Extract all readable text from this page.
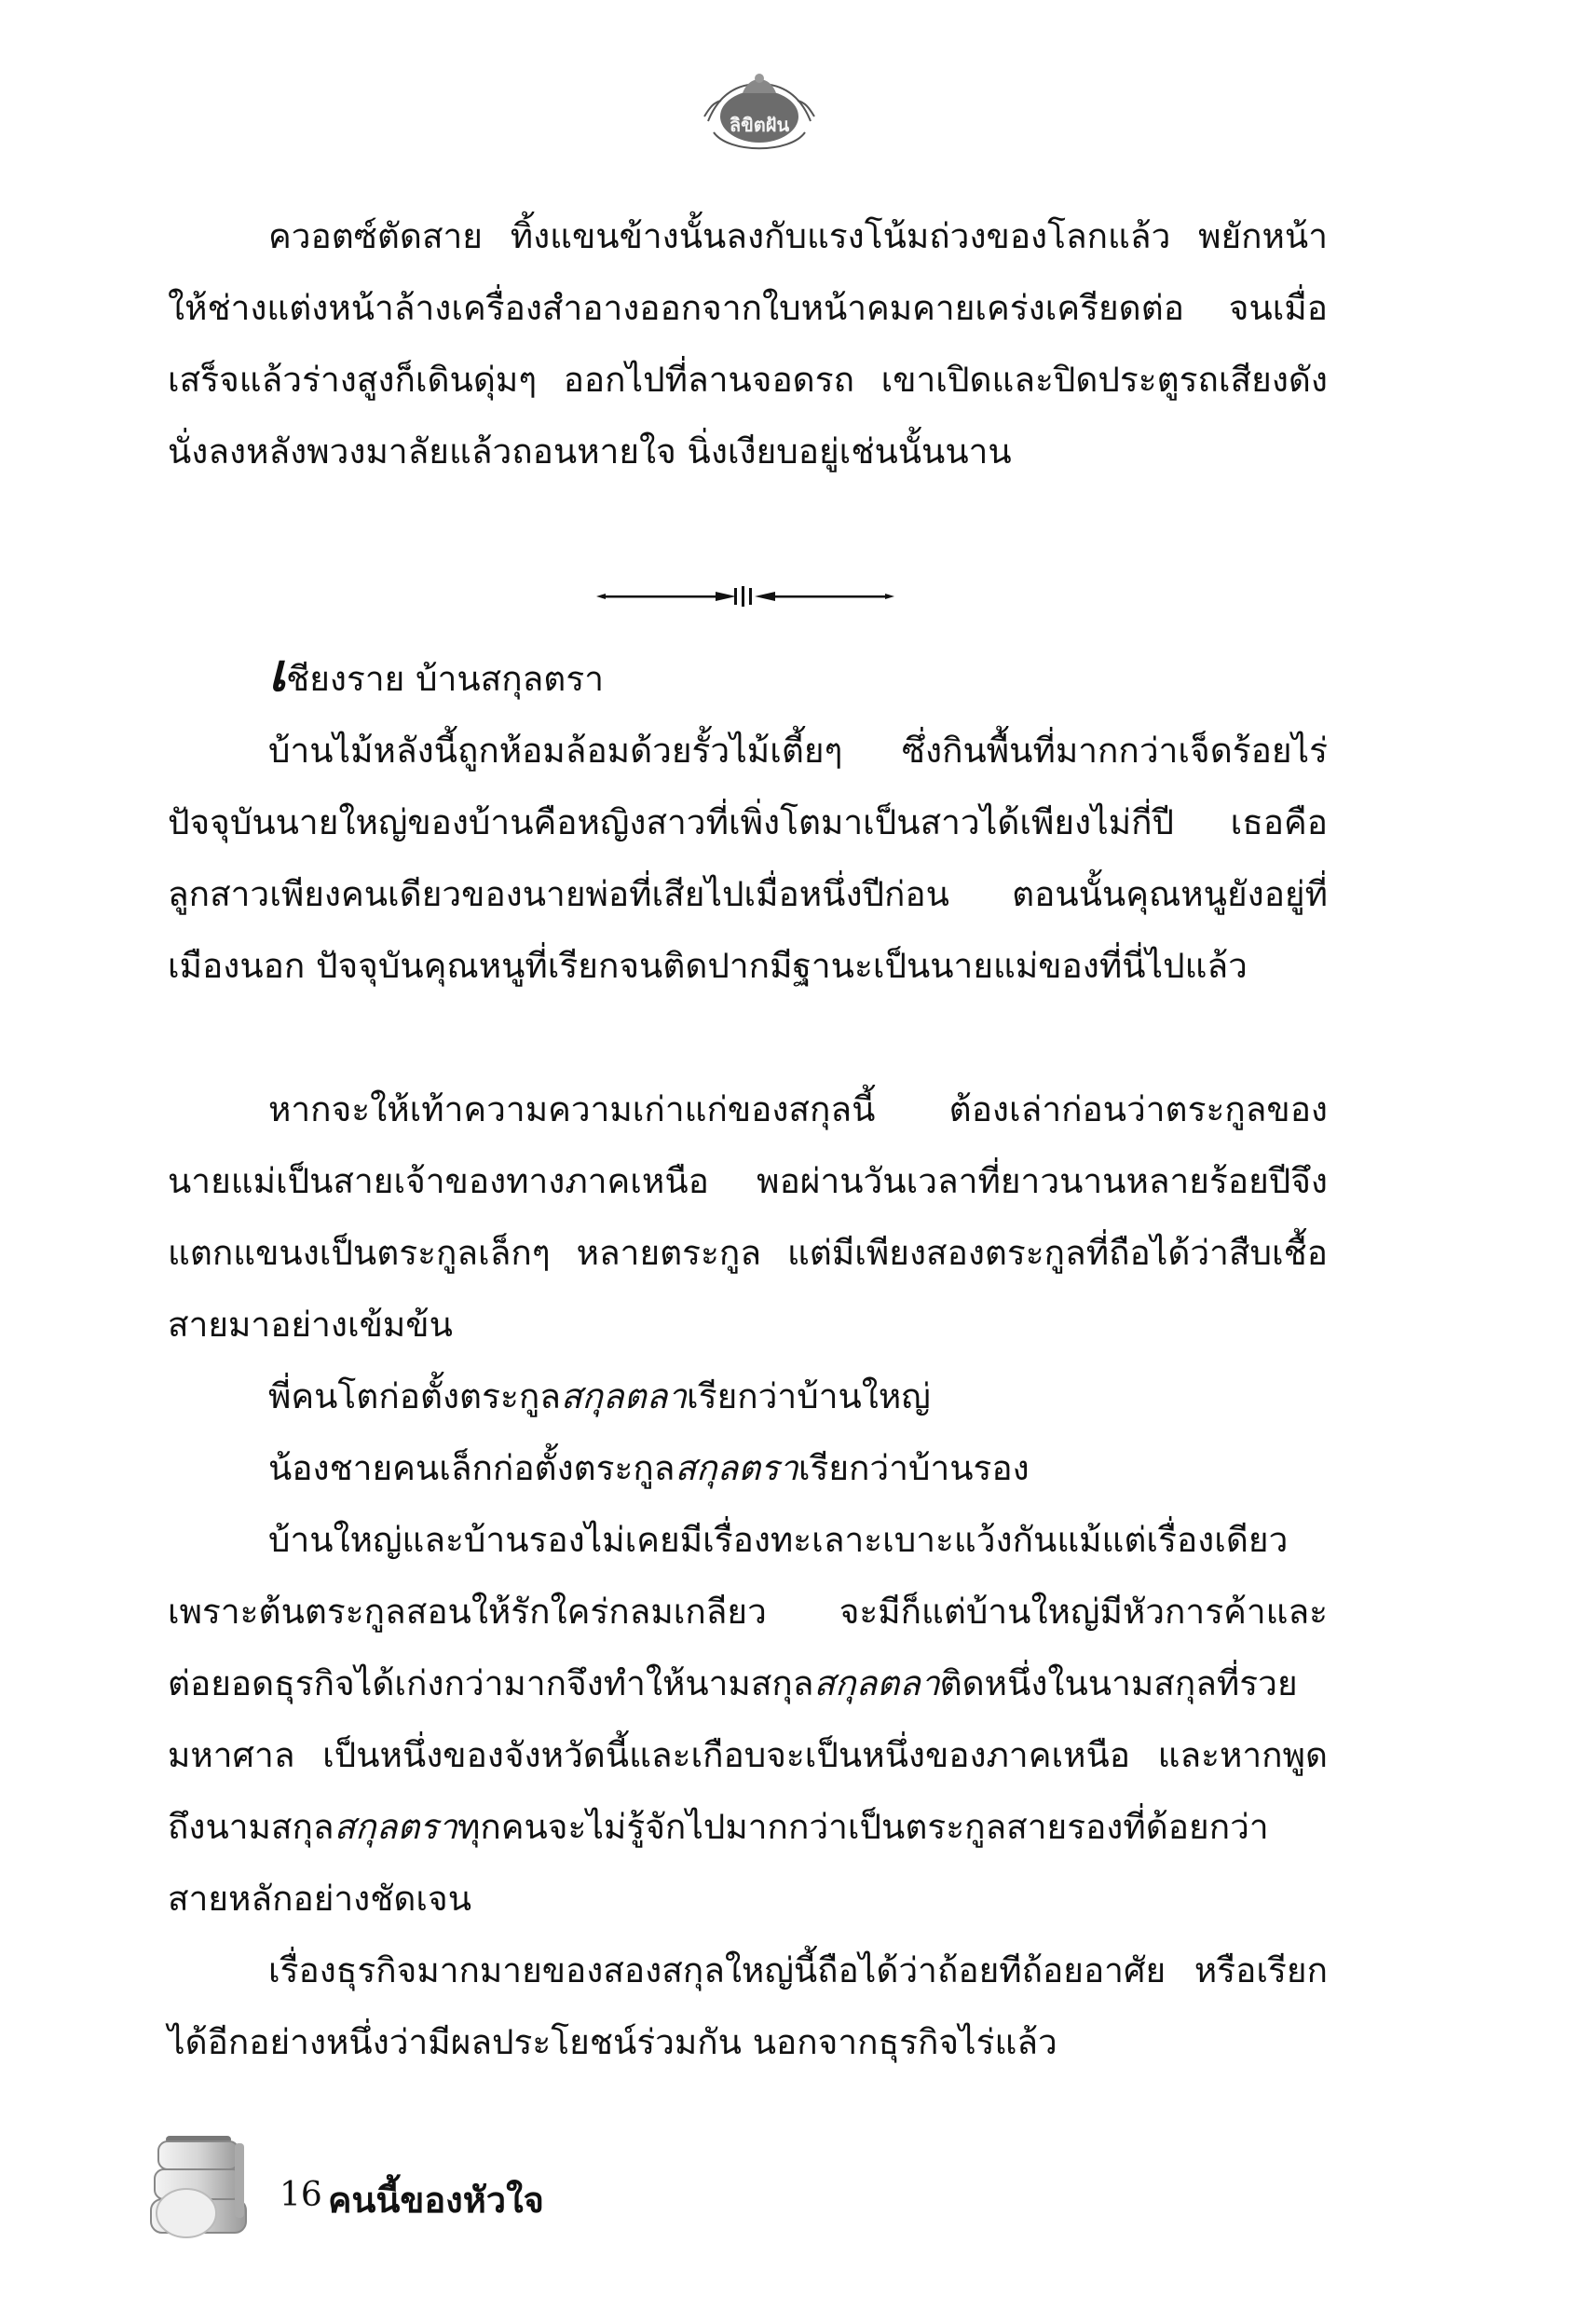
ลิขิตฝัน

ควอตซ์ตัดสาย ทิ้งแขนข้างนั้นลงกับแรงโน้มถ่วงของโลกแล้ว พยักหน้าให้ช่างแต่งหน้าล้างเครื่องสำอางออกจากใบหน้าคมคายเคร่งเครียดต่อ จนเมื่อเสร็จแล้วร่างสูงก็เดินดุ่มๆ ออกไปที่ลานจอดรถ เขาเปิดและปิดประตูรถเสียงดัง นั่งลงหลังพวงมาลัยแล้วถอนหายใจ นิ่งเงียบอยู่เช่นนั้นนาน

เชียงราย บ้านสกุลตรา

บ้านไม้หลังนี้ถูกห้อมล้อมด้วยรั้วไม้เตี้ยๆ ซึ่งกินพื้นที่มากกว่าเจ็ดร้อยไร่ ปัจจุบันนายใหญ่ของบ้านคือหญิงสาวที่เพิ่งโตมาเป็นสาวได้เพียงไม่กี่ปี เธอคือลูกสาวเพียงคนเดียวของนายพ่อที่เสียไปเมื่อหนึ่งปีก่อน ตอนนั้นคุณหนูยังอยู่ที่เมืองนอก ปัจจุบันคุณหนูที่เรียกจนติดปากมีฐานะเป็นนายแม่ของที่นี่ไปแล้ว

หากจะให้เท้าความความเก่าแก่ของสกุลนี้ ต้องเล่าก่อนว่าตระกูลของนายแม่เป็นสายเจ้าของทางภาคเหนือ พอผ่านวันเวลาที่ยาวนานหลายร้อยปีจึงแตกแขนงเป็นตระกูลเล็กๆ หลายตระกูล แต่มีเพียงสองตระกูลที่ถือได้ว่าสืบเชื้อสายมาอย่างเข้มข้น

พี่คนโตก่อตั้งตระกูลสกุลตลาเรียกว่าบ้านใหญ่
น้องชายคนเล็กก่อตั้งตระกูลสกุลตราเรียกว่าบ้านรอง

บ้านใหญ่และบ้านรองไม่เคยมีเรื่องทะเลาะเบาะแว้งกันแม้แต่เรื่องเดียว เพราะต้นตระกูลสอนให้รักใคร่กลมเกลียว จะมีก็แต่บ้านใหญ่มีหัวการค้าและต่อยอดธุรกิจได้เก่งกว่ามากจึงทำให้นามสกุลสกุลตลาติดหนึ่งในนามสกุลที่รวยมหาศาล เป็นหนึ่งของจังหวัดนี้และเกือบจะเป็นหนึ่งของภาคเหนือ และหากพูดถึงนามสกุลสกุลตราทุกคนจะไม่รู้จักไปมากกว่าเป็นตระกูลสายรองที่ด้อยกว่าสายหลักอย่างชัดเจน

เรื่องธุรกิจมากมายของสองสกุลใหญ่นี้ถือได้ว่าถ้อยทีถ้อยอาศัย หรือเรียกได้อีกอย่างหนึ่งว่ามีผลประโยชน์ร่วมกัน นอกจากธุรกิจไร่แล้ว

16 คนนี้ของหัวใจ
